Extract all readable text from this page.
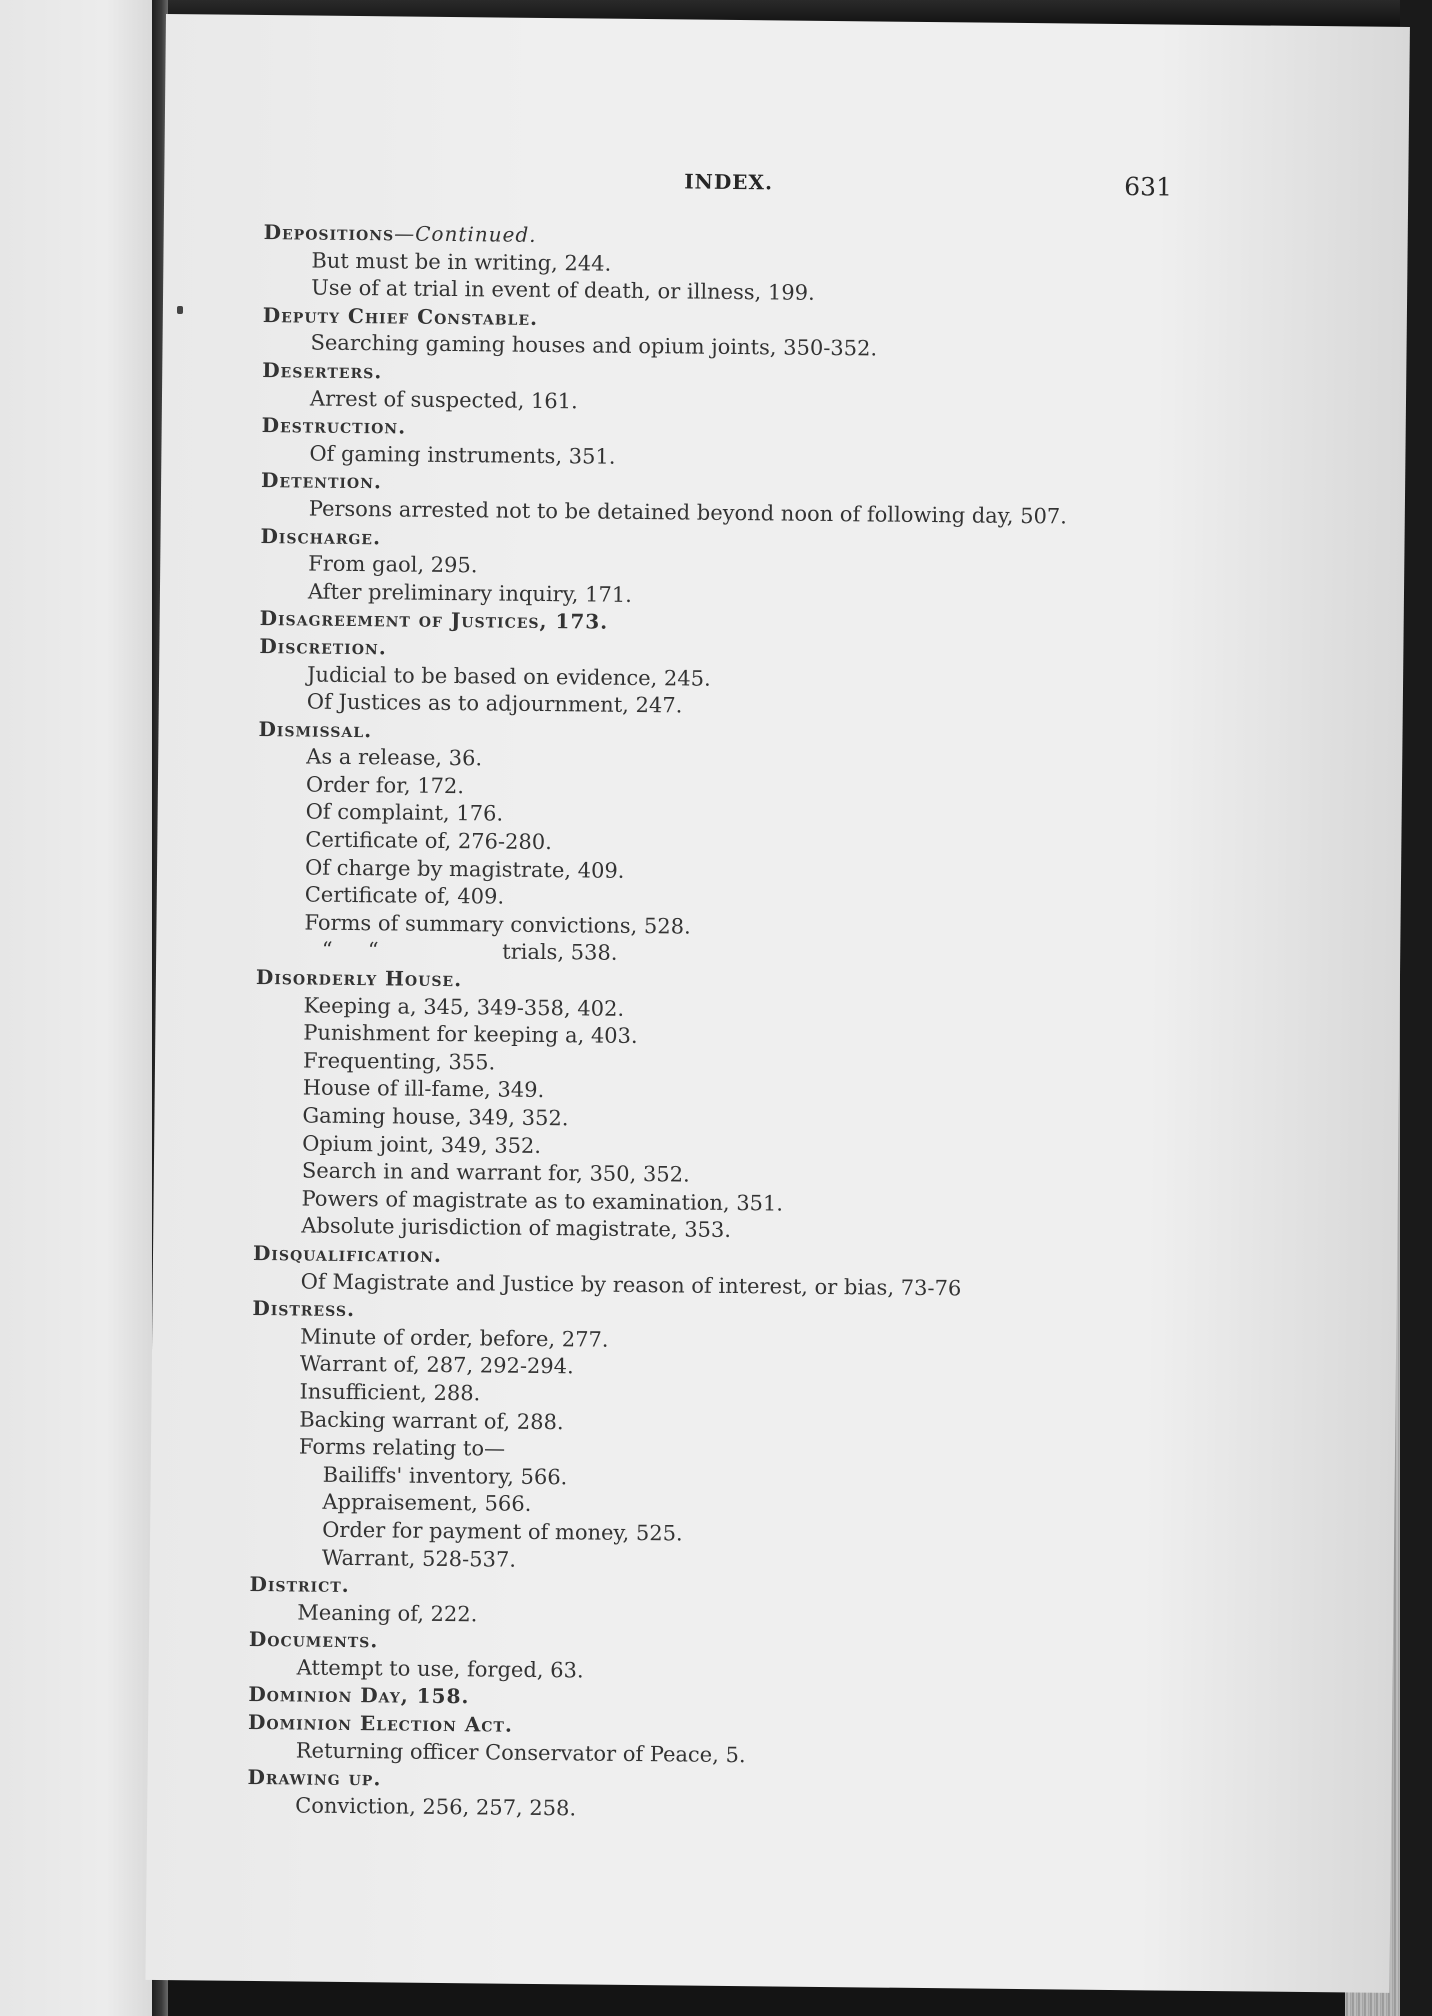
INDEX.	631
Depositions—Continued.
But must be in writing, 244.
Use of at trial in event of death, or illness, 199.
Deputy Chief Constable.
Searching gaming houses and opium joints, 350-352.
Deserters.
Arrest of suspected, 161.
Destruction.
Of gaming instruments, 351.
Detention.
Persons arrested not to be detained beyond noon of following day, 507.
Discharge.
From gaol, 295.
After preliminary inquiry, 171.
Disagreement of Justices, 173.
Discretion.
Judicial to be based on evidence, 245.
Of Justices as to adjournment, 247.
Dismissal.
As a release, 36.
Order for, 172.
Of complaint, 176.
Certificate of, 276-280.
Of charge by magistrate, 409.
Certificate of, 409.
Forms of summary convictions, 528.
“ “	trials, 538.
Disorderly House.
Keeping a, 345, 349-358, 402.
Punishment for keeping a, 403.
Frequenting, 355.
House of ill-fame, 349.
Gaming house, 349, 352.
Opium joint, 349, 352.
Search in and warrant for, 350, 352.
Powers of magistrate as to examination, 351.
Absolute jurisdiction of magistrate, 353.
Disqualification.
Of Magistrate and Justice by reason of interest, or bias, 73-76
Distress.
Minute of order, before, 277.
Warrant of, 287, 292-294.
Insufficient, 288.
Backing warrant of, 288.
Forms relating to—
Bailiffs' inventory, 566.
Appraisement, 566.
Order for payment of money, 525.
Warrant, 528-537.
District.
Meaning of, 222.
Documents.
Attempt to use, forged, 63.
Dominion Day, 158.
Dominion Election Act.
Returning officer Conservator of Peace, 5.
Drawing up.
Conviction, 256, 257, 258.
